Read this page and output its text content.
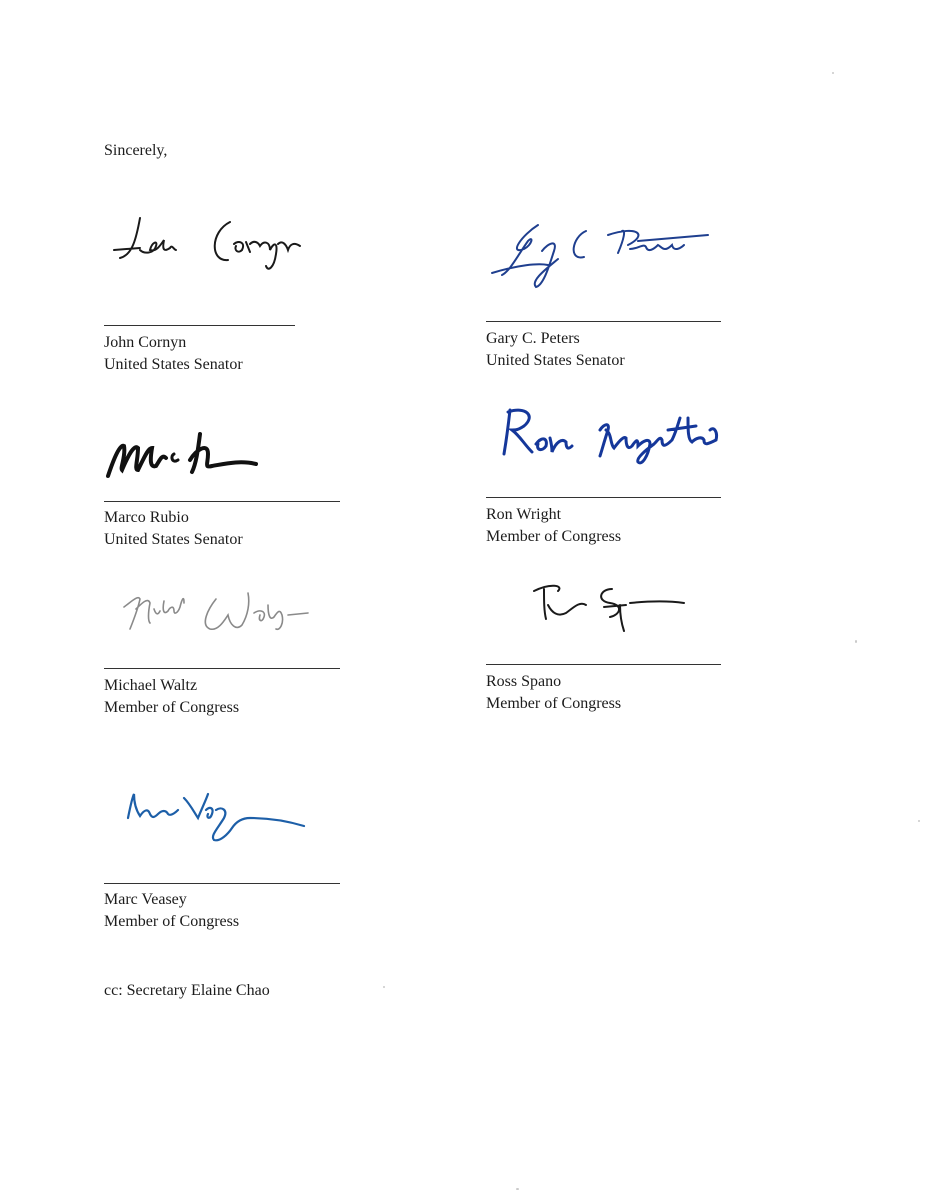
Sincerely,
John Cornyn
United States Senator
Gary C. Peters
United States Senator
Marco Rubio
United States Senator
Ron Wright
Member of Congress
Michael Waltz
Member of Congress
Ross Spano
Member of Congress
Marc Veasey
Member of Congress
cc: Secretary Elaine Chao
